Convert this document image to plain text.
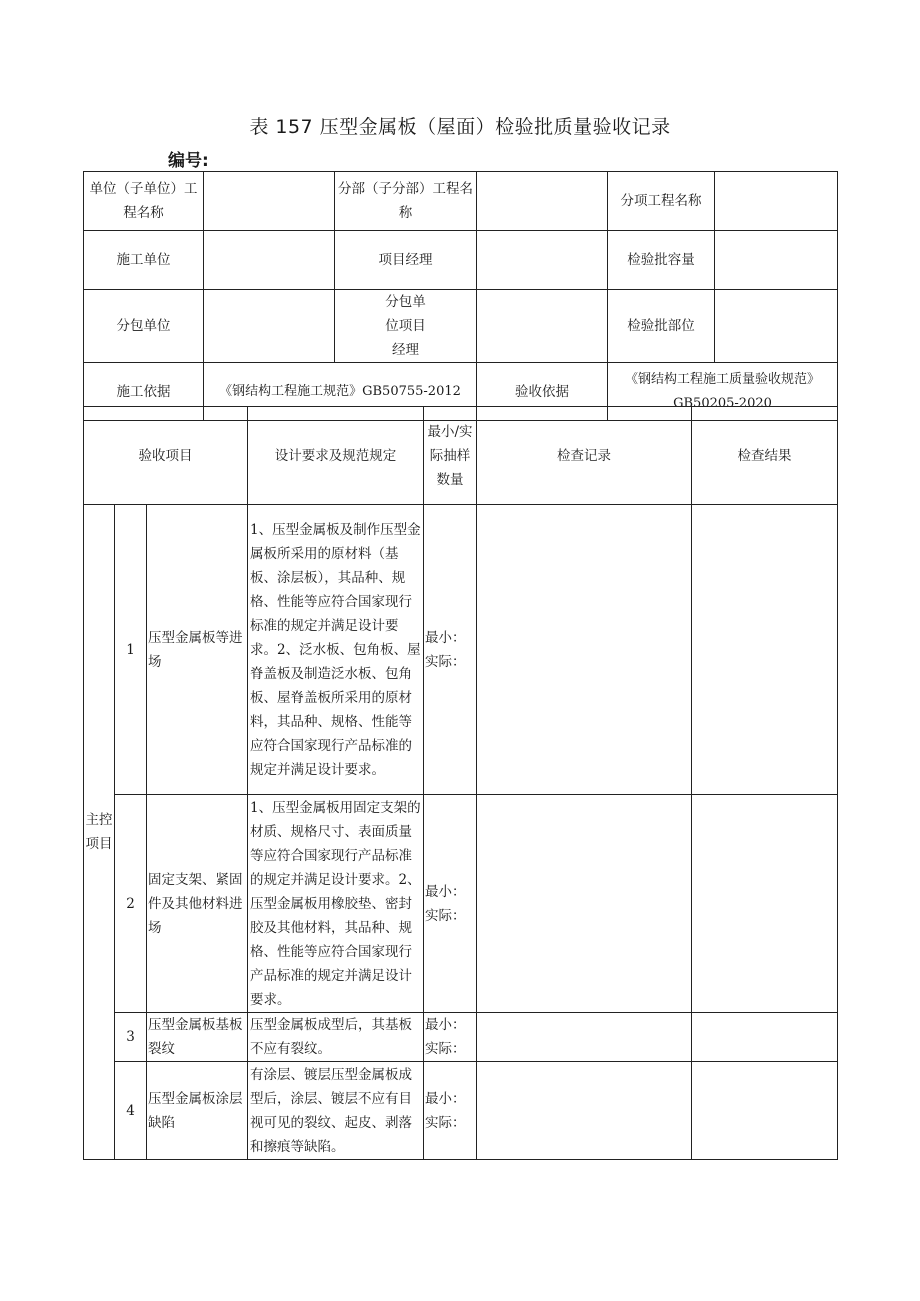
表 157 压型金属板（屋面）检验批质量验收记录
编号:
单位（子单位）工程名称		分部（子分部）工程名称		分项工程名称	
施工单位		项目经理		检验批容量	
分包单位		分包单位项目经理		检验批部位	
施工依据	《钢结构工程施工规范》GB50755-2012		验收依据	《钢结构工程施工质量验收规范》GB50205-2020	
验收项目			设计要求及规范规定	最小/实际抽样数量	检查记录	检查结果
主控项目	1	压型金属板等进场	1、压型金属板及制作压型金属板所采用的原材料（基板、涂层板），其品种、规格、性能等应符合国家现行标准的规定并满足设计要求。2、泛水板、包角板、屋脊盖板及制造泛水板、包角板、屋脊盖板所采用的原材料，其品种、规格、性能等应符合国家现行产品标准的规定并满足设计要求。	最小：实际：		
	2	固定支架、紧固件及其他材料进场	1、压型金属板用固定支架的材质、规格尺寸、表面质量等应符合国家现行产品标准的规定并满足设计要求。2、压型金属板用橡胶垫、密封胶及其他材料，其品种、规格、性能等应符合国家现行产品标准的规定并满足设计要求。	最小：实际：		
	3	压型金属板基板裂纹	压型金属板成型后，其基板不应有裂纹。	最小：实际：		
	4	压型金属板涂层缺陷	有涂层、镀层压型金属板成型后，涂层、镀层不应有目视可见的裂纹、起皮、剥落和擦痕等缺陷。	最小：实际：		
